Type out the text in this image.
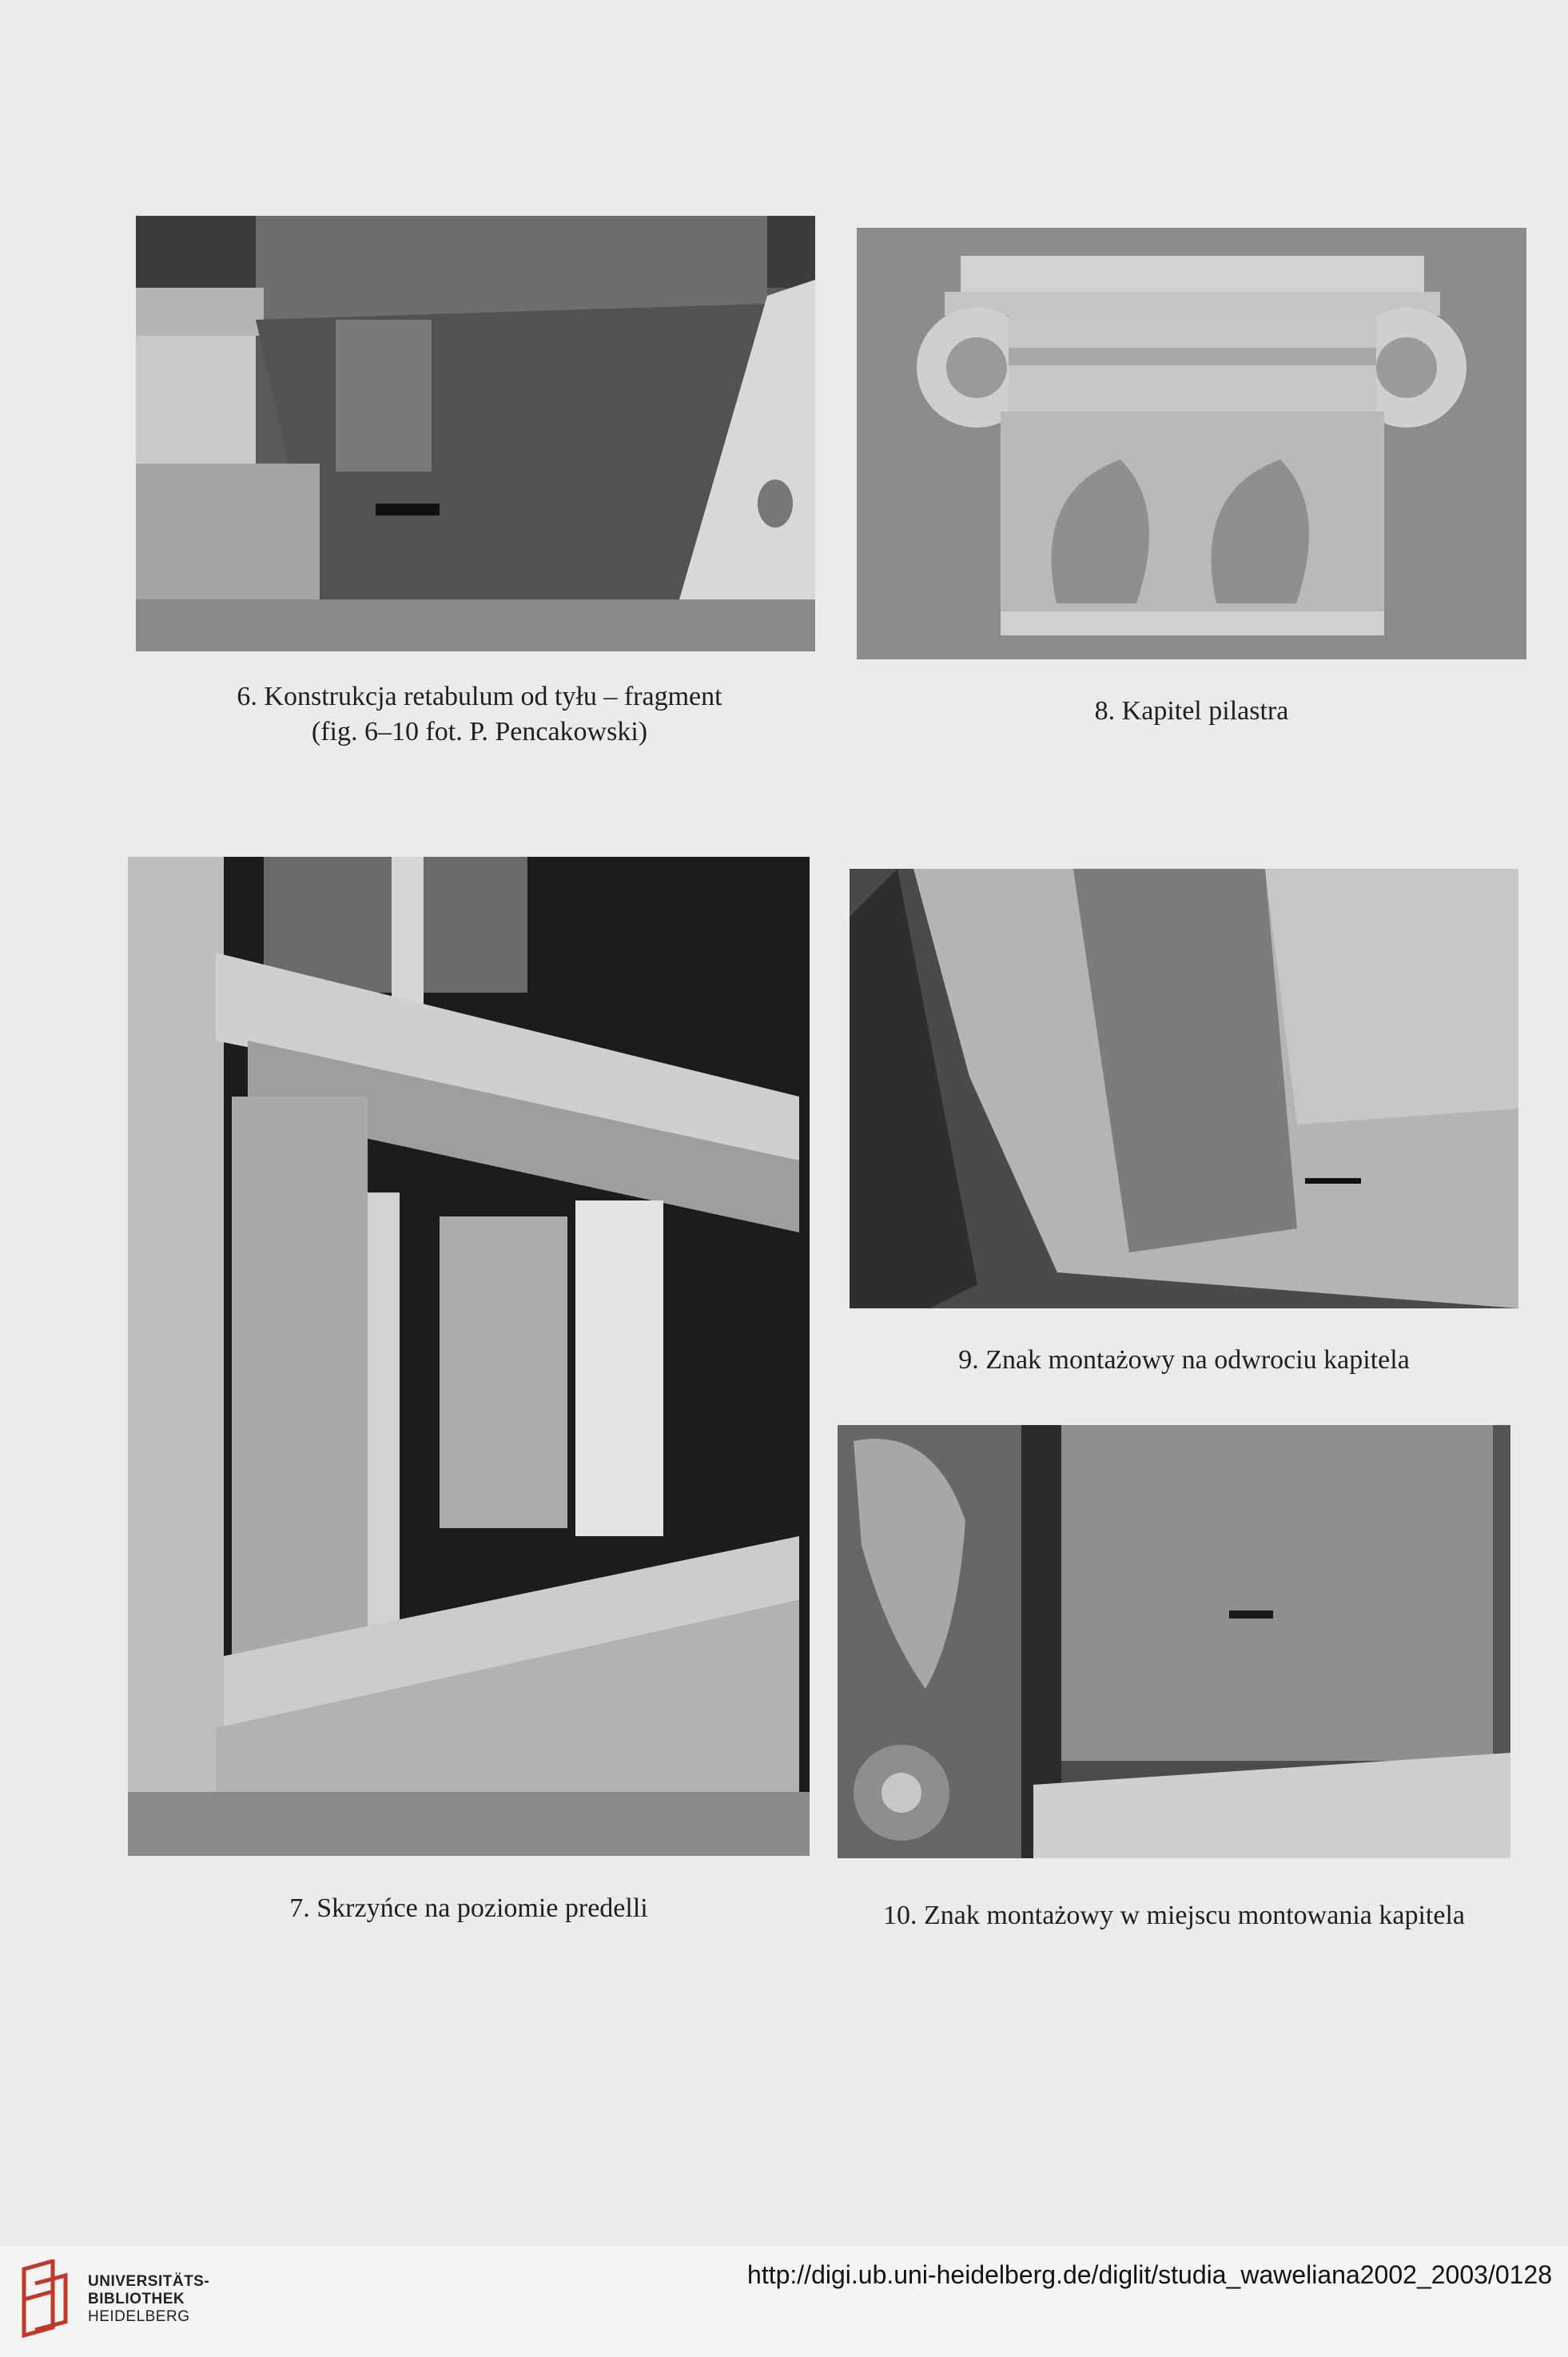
6. Konstrukcja retabulum od tyłu – fragment
(fig. 6–10 fot. P. Pencakowski)
8. Kapitel pilastra
7. Skrzyńce na poziomie predelli
9. Znak montażowy na odwrociu kapitela
10. Znak montażowy w miejscu montowania kapitela
UNIVERSITÄTS-
BIBLIOTHEK
HEIDELBERG
http://digi.ub.uni-heidelberg.de/diglit/studia_waweliana2002_2003/0128
